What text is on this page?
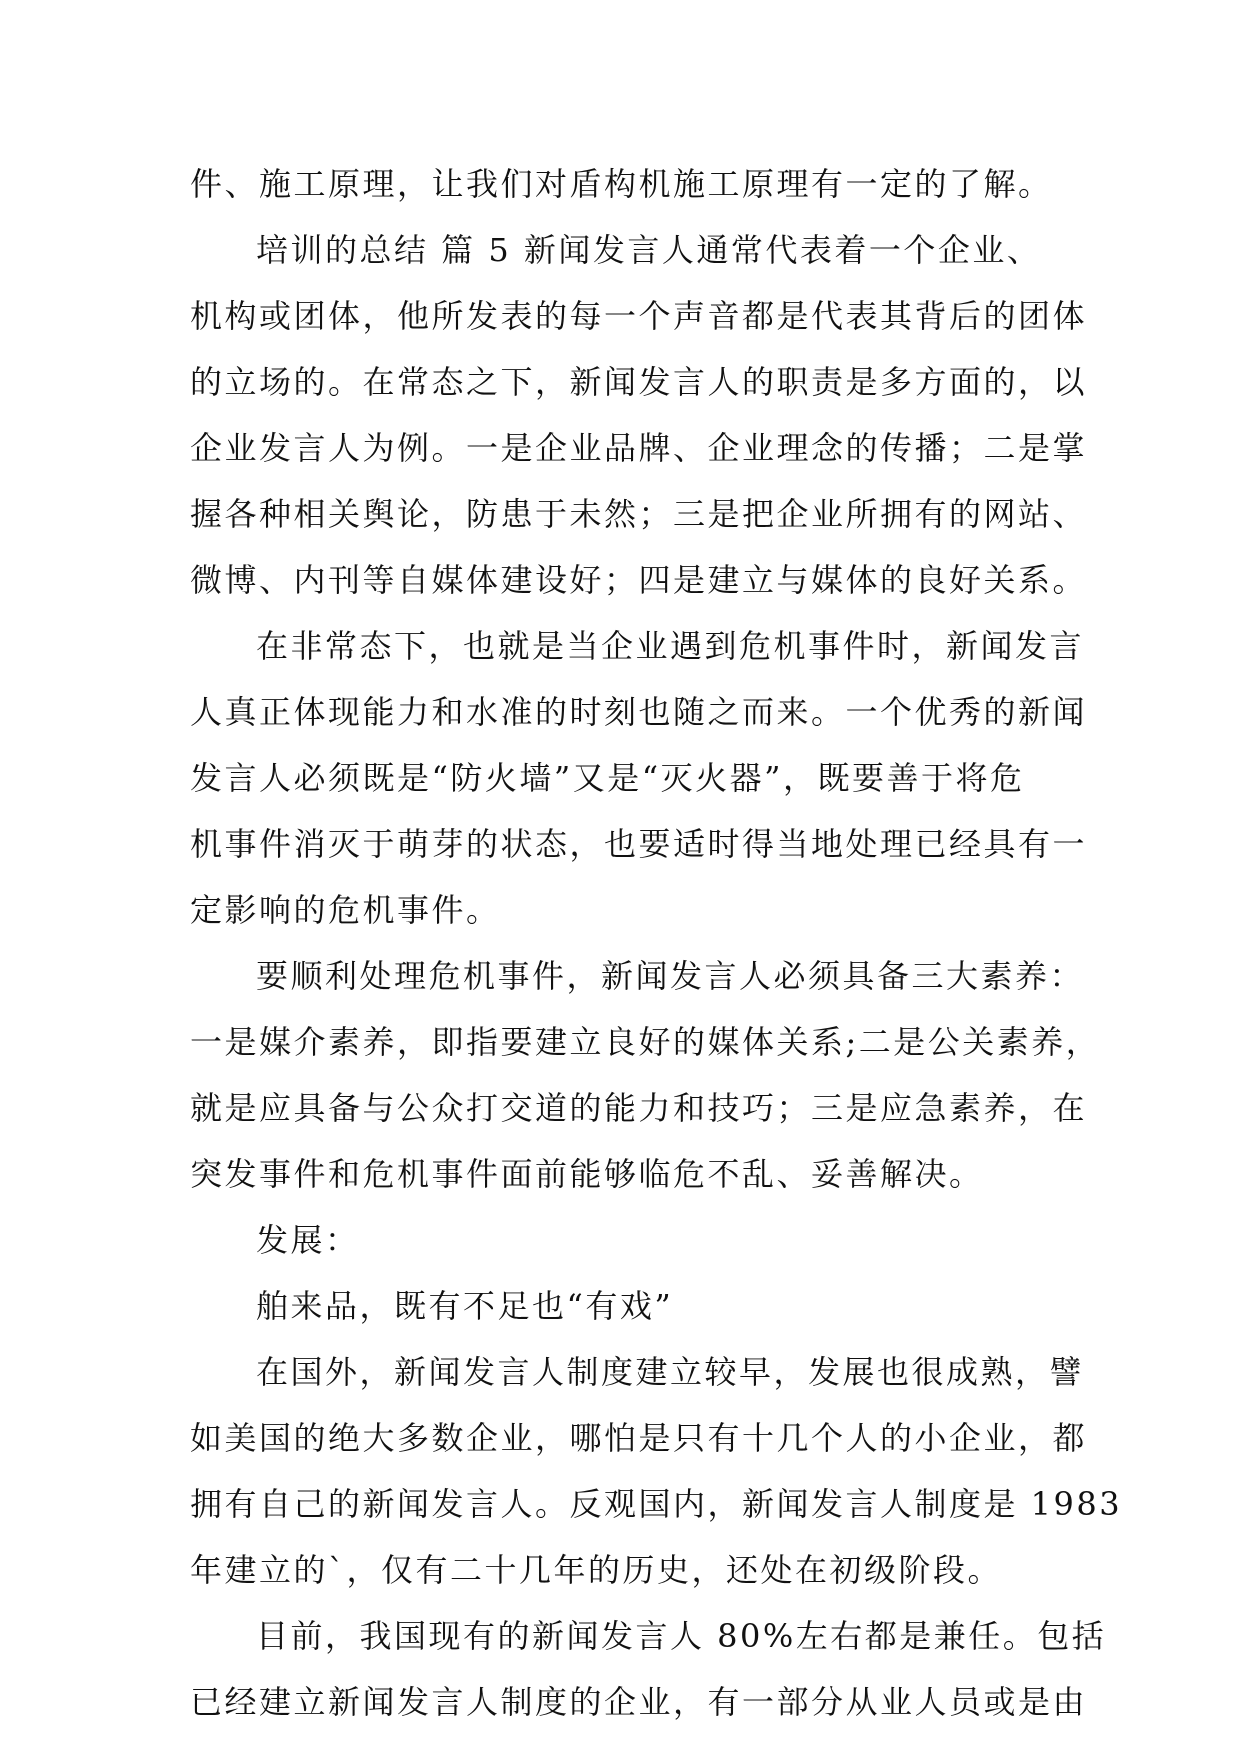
件、施工原理，让我们对盾构机施工原理有一定的了解。
培训的总结 篇 5 新闻发言人通常代表着一个企业、
机构或团体，他所发表的每一个声音都是代表其背后的团体
的立场的。在常态之下，新闻发言人的职责是多方面的，以
企业发言人为例。一是企业品牌、企业理念的传播；二是掌
握各种相关舆论，防患于未然；三是把企业所拥有的网站、
微博、内刊等自媒体建设好；四是建立与媒体的良好关系。
在非常态下，也就是当企业遇到危机事件时，新闻发言
人真正体现能力和水准的时刻也随之而来。一个优秀的新闻
发言人必须既是“防火墙”又是“灭火器”，既要善于将危
机事件消灭于萌芽的状态，也要适时得当地处理已经具有一
定影响的危机事件。
要顺利处理危机事件，新闻发言人必须具备三大素养：
一是媒介素养，即指要建立良好的媒体关系;二是公关素养，
就是应具备与公众打交道的能力和技巧；三是应急素养，在
突发事件和危机事件面前能够临危不乱、妥善解决。
发展：
舶来品，既有不足也“有戏”
在国外，新闻发言人制度建立较早，发展也很成熟，譬
如美国的绝大多数企业，哪怕是只有十几个人的小企业，都
拥有自己的新闻发言人。反观国内，新闻发言人制度是 1983
年建立的`，仅有二十几年的历史，还处在初级阶段。
目前，我国现有的新闻发言人 80%左右都是兼任。包括
已经建立新闻发言人制度的企业，有一部分从业人员或是由
